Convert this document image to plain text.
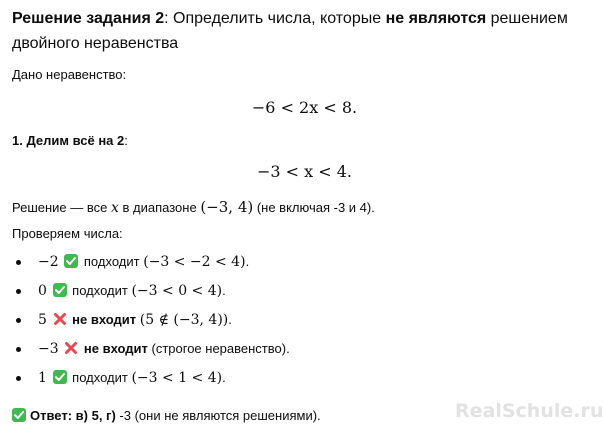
Решение задания 2: Определить числа, которые не являются решением двойного неравенства

Дано неравенство:

−6 < 2x < 8.

1. Делим всё на 2:

−3 < x < 4.

Решение — все x в диапазоне (−3, 4) (не включая -3 и 4).

Проверяем числа:

−2 подходит (−3 < −2 < 4).
0 подходит (−3 < 0 < 4).
5 не входит (5 ∉ (−3, 4)).
−3 не входит (строгое неравенство).
1 подходит (−3 < 1 < 4).

Ответ: в) 5, г) -3 (они не являются решениями).	RealSchule.ru
